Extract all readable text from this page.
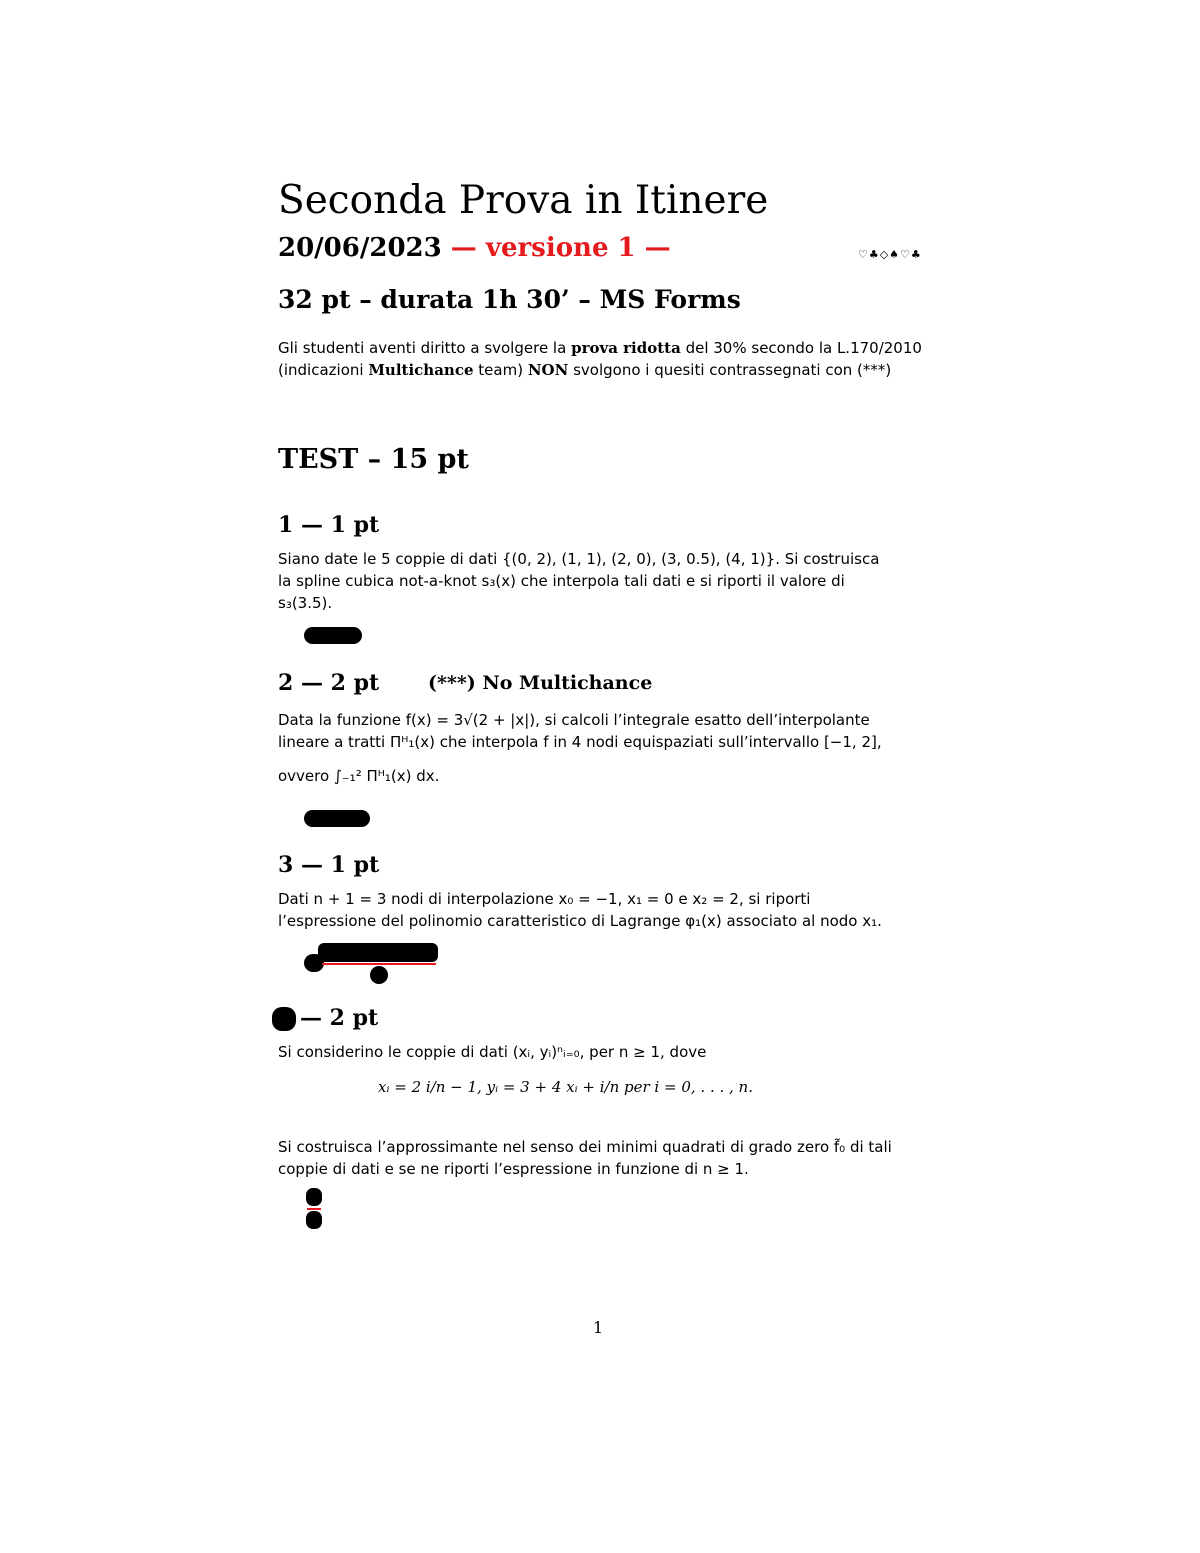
Seconda Prova in Itinere
20/06/2023 — versione 1 —	♡♣◇♠♡♣
32 pt – durata 1h 30’ – MS Forms
Gli studenti aventi diritto a svolgere la prova ridotta del 30% secondo la L.170/2010
(indicazioni Multichance team) NON svolgono i quesiti contrassegnati con (***)
TEST – 15 pt
1 — 1 pt
Siano date le 5 coppie di dati {(0, 2), (1, 1), (2, 0), (3, 0.5), (4, 1)}. Si costruisca
la spline cubica not-a-knot s₃(x) che interpola tali dati e si riporti il valore di
s₃(3.5).
2 — 2 pt	(***) No Multichance
Data la funzione f(x) = 3√(2 + |x|), si calcoli l’integrale esatto dell’interpolante
lineare a tratti Πᴴ₁(x) che interpola f in 4 nodi equispaziati sull’intervallo [−1, 2],
ovvero ∫₋₁² Πᴴ₁(x) dx.
3 — 1 pt
Dati n + 1 = 3 nodi di interpolazione x₀ = −1, x₁ = 0 e x₂ = 2, si riporti
l’espressione del polinomio caratteristico di Lagrange φ₁(x) associato al nodo x₁.
— 2 pt
Si considerino le coppie di dati (xᵢ, yᵢ)ⁿᵢ₌₀, per n ≥ 1, dove
xᵢ = 2 i/n − 1, yᵢ = 3 + 4 xᵢ + i/n per i = 0, . . . , n.
Si costruisca l’approssimante nel senso dei minimi quadrati di grado zero f̃₀ di tali
coppie di dati e se ne riporti l’espressione in funzione di n ≥ 1.
1
